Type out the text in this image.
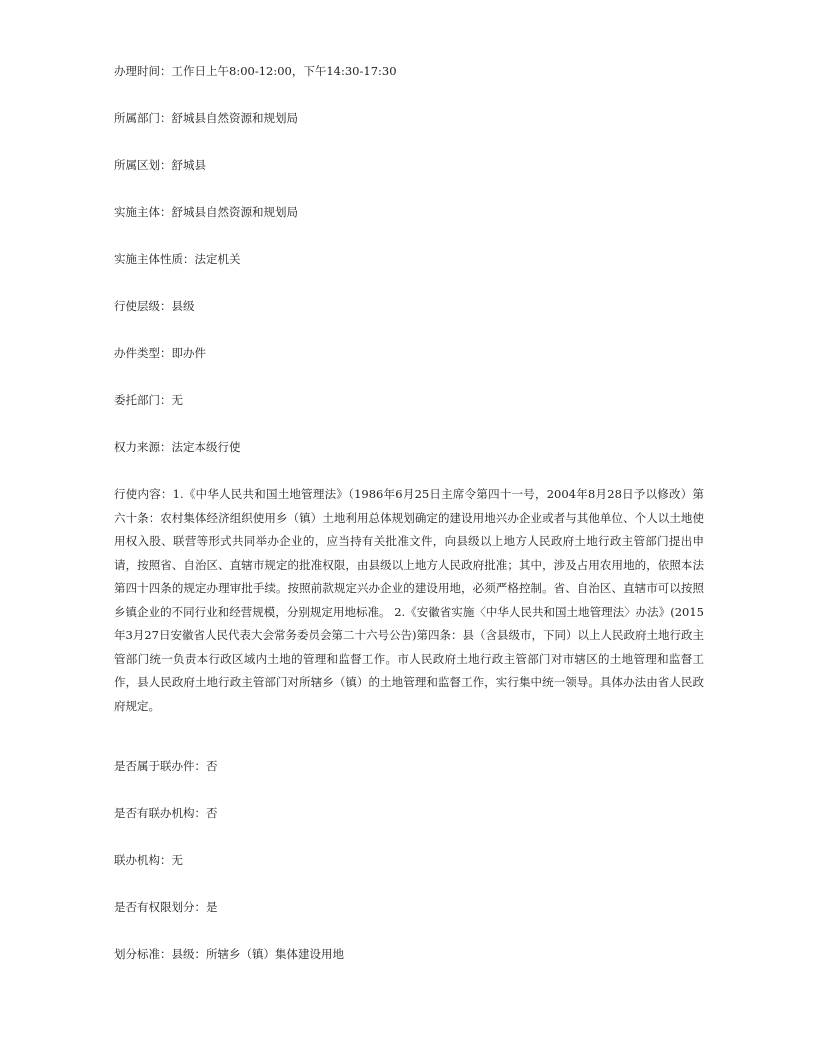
办理时间：工作日上午8:00-12:00，下午14:30-17:30
所属部门：舒城县自然资源和规划局
所属区划：舒城县
实施主体：舒城县自然资源和规划局
实施主体性质：法定机关
行使层级：县级
办件类型：即办件
委托部门：无
权力来源：法定本级行使
行使内容：1.《中华人民共和国土地管理法》（1986年6月25日主席令第四十一号，2004年8月28日予以修改）第六十条：农村集体经济组织使用乡（镇）土地利用总体规划确定的建设用地兴办企业或者与其他单位、个人以土地使用权入股、联营等形式共同举办企业的，应当持有关批准文件，向县级以上地方人民政府土地行政主管部门提出申请，按照省、自治区、直辖市规定的批准权限，由县级以上地方人民政府批准；其中，涉及占用农用地的，依照本法第四十四条的规定办理审批手续。按照前款规定兴办企业的建设用地，必须严格控制。省、自治区、直辖市可以按照乡镇企业的不同行业和经营规模，分别规定用地标准。 2.《安徽省实施〈中华人民共和国土地管理法〉办法》(2015年3月27日安徽省人民代表大会常务委员会第二十六号公告)第四条：县（含县级市，下同）以上人民政府土地行政主管部门统一负责本行政区域内土地的管理和监督工作。市人民政府土地行政主管部门对市辖区的土地管理和监督工作，县人民政府土地行政主管部门对所辖乡（镇）的土地管理和监督工作，实行集中统一领导。具体办法由省人民政府规定。
是否属于联办件：否
是否有联办机构：否
联办机构：无
是否有权限划分：是
划分标准：县级：所辖乡（镇）集体建设用地
